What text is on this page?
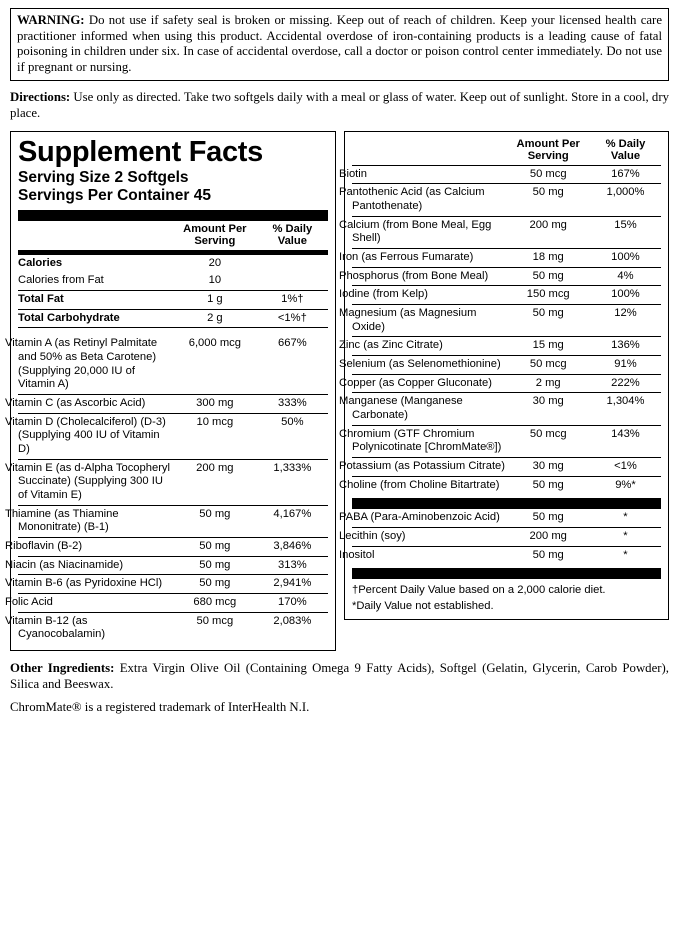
WARNING: Do not use if safety seal is broken or missing. Keep out of reach of children. Keep your licensed health care practitioner informed when using this product. Accidental overdose of iron-containing products is a leading cause of fatal poisoning in children under six. In case of accidental overdose, call a doctor or poison control center immediately. Do not use if pregnant or nursing.
Directions: Use only as directed. Take two softgels daily with a meal or glass of water. Keep out of sunlight. Store in a cool, dry place.
Supplement Facts
Serving Size 2 Softgels
Servings Per Container 45
	Amount Per
Serving	% Daily
Value
Calories	20	
Calories from Fat	10	
Total Fat	1 g	1%†
Total Carbohydrate	2 g	<1%†

Vitamin A (as Retinyl Palmitate and 50% as Beta Carotene) (Supplying 20,000 IU of Vitamin A)	6,000 mcg	667%
Vitamin C (as Ascorbic Acid)	300 mg	333%
Vitamin D (Cholecalciferol) (D-3) (Supplying 400 IU of Vitamin D)	10 mcg	50%
Vitamin E (as d-Alpha Tocopheryl Succinate) (Supplying 300 IU of Vitamin E)	200 mg	1,333%
Thiamine (as Thiamine Mononitrate) (B-1)	50 mg	4,167%
Riboflavin (B-2)	50 mg	3,846%
Niacin (as Niacinamide)	50 mg	313%
Vitamin B-6 (as Pyridoxine HCl)	50 mg	2,941%
Folic Acid	680 mcg	170%
Vitamin B-12 (as Cyanocobalamin)	50 mcg	2,083%
	Amount Per
Serving	% Daily
Value
Biotin	50 mcg	167%
Pantothenic Acid (as Calcium Pantothenate)	50 mg	1,000%
Calcium (from Bone Meal, Egg Shell)	200 mg	15%
Iron (as Ferrous Fumarate)	18 mg	100%
Phosphorus (from Bone Meal)	50 mg	4%
Iodine (from Kelp)	150 mcg	100%
Magnesium (as Magnesium Oxide)	50 mg	12%
Zinc (as Zinc Citrate)	15 mg	136%
Selenium (as Selenomethionine)	50 mcg	91%
Copper (as Copper Gluconate)	2 mg	222%
Manganese (Manganese Carbonate)	30 mg	1,304%
Chromium (GTF Chromium Polynicotinate [ChromMate®])	50 mcg	143%
Potassium (as Potassium Citrate)	30 mg	<1%
Choline (from Choline Bitartrate)	50 mg	9%*
PABA (Para-Aminobenzoic Acid)	50 mg	*
Lecithin (soy)	200 mg	*
Inositol	50 mg	*
†Percent Daily Value based on a 2,000 calorie diet.
*Daily Value not established.
Other Ingredients: Extra Virgin Olive Oil (Containing Omega 9 Fatty Acids), Softgel (Gelatin, Glycerin, Carob Powder), Silica and Beeswax.
ChromMate® is a registered trademark of InterHealth N.I.
